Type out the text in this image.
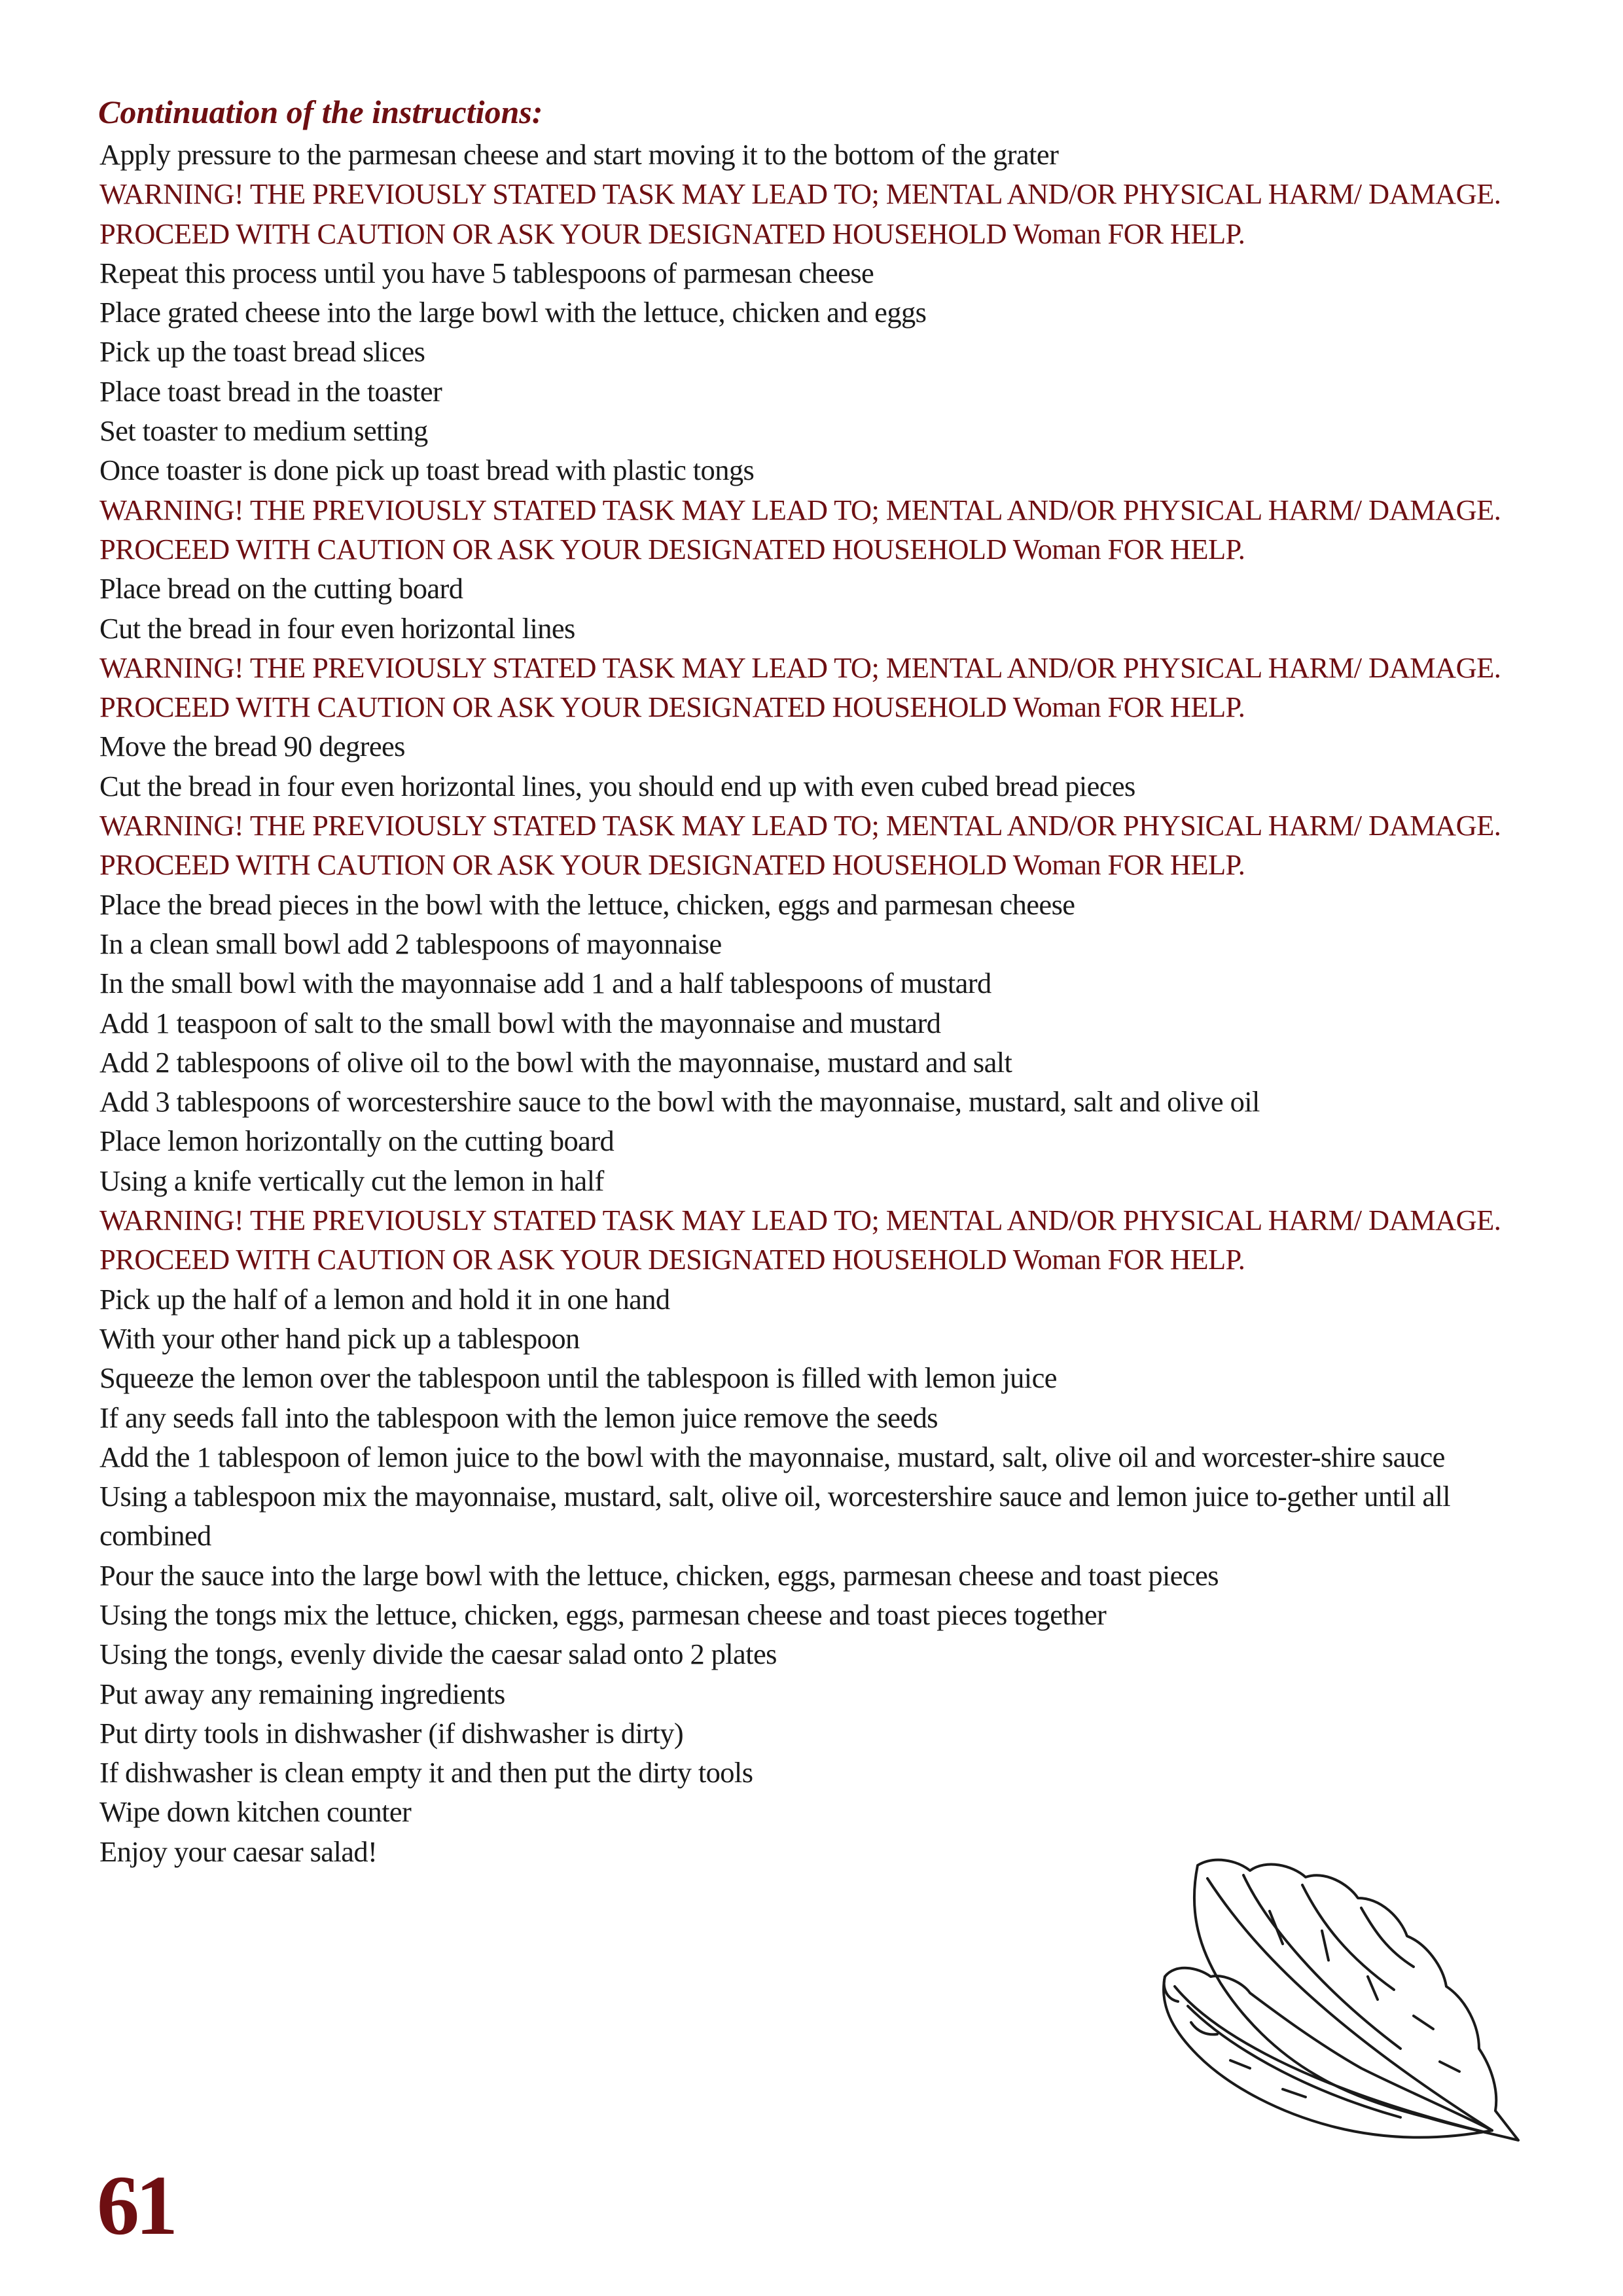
Continuation of the instructions:
Apply pressure to the parmesan cheese and start moving it to the bottom of the grater
WARNING! THE PREVIOUSLY STATED TASK MAY LEAD TO; MENTAL AND/OR PHYSICAL HARM/ DAMAGE. PROCEED WITH CAUTION OR ASK YOUR DESIGNATED HOUSEHOLD Woman FOR HELP.
Repeat this process until you have 5 tablespoons of parmesan cheese
Place grated cheese into the large bowl with the lettuce, chicken and eggs
Pick up the toast bread slices
Place toast bread in the toaster
Set toaster to medium setting
Once toaster is done pick up toast bread with plastic tongs
WARNING! THE PREVIOUSLY STATED TASK MAY LEAD TO; MENTAL AND/OR PHYSICAL HARM/ DAMAGE. PROCEED WITH CAUTION OR ASK YOUR DESIGNATED HOUSEHOLD Woman FOR HELP.
Place bread on the cutting board
Cut the bread in four even horizontal lines
WARNING! THE PREVIOUSLY STATED TASK MAY LEAD TO; MENTAL AND/OR PHYSICAL HARM/ DAMAGE. PROCEED WITH CAUTION OR ASK YOUR DESIGNATED HOUSEHOLD Woman FOR HELP.
Move the bread 90 degrees
Cut the bread in four even horizontal lines, you should end up with even cubed bread pieces
WARNING! THE PREVIOUSLY STATED TASK MAY LEAD TO; MENTAL AND/OR PHYSICAL HARM/ DAMAGE. PROCEED WITH CAUTION OR ASK YOUR DESIGNATED HOUSEHOLD Woman FOR HELP.
Place the bread pieces in the bowl with the lettuce, chicken, eggs and parmesan cheese
In a clean small bowl add 2 tablespoons of mayonnaise
In the small bowl with the mayonnaise add 1 and a half tablespoons of mustard
Add 1 teaspoon of salt to the small bowl with the mayonnaise and mustard
Add 2 tablespoons of olive oil to the bowl with the mayonnaise, mustard and salt
Add 3 tablespoons of worcestershire sauce to the bowl with the mayonnaise, mustard, salt and olive oil
Place lemon horizontally on the cutting board
Using a knife vertically cut the lemon in half
WARNING! THE PREVIOUSLY STATED TASK MAY LEAD TO; MENTAL AND/OR PHYSICAL HARM/ DAMAGE. PROCEED WITH CAUTION OR ASK YOUR DESIGNATED HOUSEHOLD Woman FOR HELP.
Pick up the half of a lemon and hold it in one hand
With your other hand pick up a tablespoon
Squeeze the lemon over the tablespoon until the tablespoon is filled with lemon juice
If any seeds fall into the tablespoon with the lemon juice remove the seeds
Add the 1 tablespoon of lemon juice to the bowl with the mayonnaise, mustard, salt, olive oil and worcester-shire sauce
Using a tablespoon mix the mayonnaise, mustard, salt, olive oil, worcestershire sauce and lemon juice to-gether until all combined
Pour the sauce into the large bowl with the lettuce, chicken, eggs, parmesan cheese and toast pieces
Using the tongs mix the lettuce, chicken, eggs, parmesan cheese and toast pieces together
Using the tongs, evenly divide the caesar salad onto 2 plates
Put away any remaining ingredients
Put dirty tools in dishwasher (if dishwasher is dirty)
If dishwasher is clean empty it and then put the dirty tools
Wipe down kitchen counter
Enjoy your caesar salad!
61
